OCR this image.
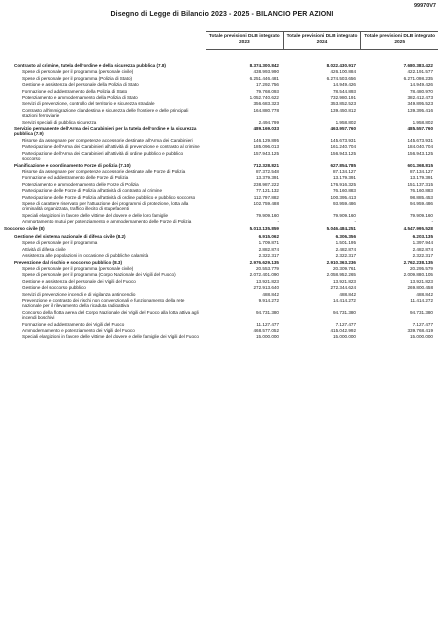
99970V7
Disegno di Legge di Bilancio 2023 - 2025 - BILANCIO PER AZIONI
Totale previsioni DLB integrato 2023
Totale previsioni DLB integrato 2024
Totale previsioni DLB integrato 2025
Contrasto al crimine, tutela dell'ordine e della sicurezza pubblica (7.8)	8.374.300.842	8.022.430.917	7.680.383.422
Spese di personale per il programma (personale civile)	438.993.990	426.100.884	422.191.577
Spese di personale per il programma (Polizia di Stato)	6.251.446.481	6.274.503.656	6.271.098.235
Gestione e assistenza del personale della Polizia di Stato	17.292.756	14.949.426	14.949.426
Formazione ed addestramento della Polizia di Stato	79.768.093	78.544.893	78.480.970
Potenziamento e ammodernamento della Polizia di Stato	1.052.740.622	732.980.191	382.412.473
Servizi di prevenzione, controllo del territorio e sicurezza stradale	356.683.323	353.852.523	349.895.523
Contrasto all'immigrazione clandestina e sicurezza delle frontiere e delle principali stazioni ferroviarie
164.880.778	139.450.812	139.395.416
Servizi speciali di pubblica sicurezza	2.494.799	1.958.802	1.958.802
Servizio permanente dell'Arma dei Carabinieri per la tutela dell'ordine e la sicurezza pubblica (7.9)
489.169.033	463.957.760	485.557.760
Risorse da assegnare per competenze accessorie destinate all'Arma dei Carabinieri	146.129.895	145.673.931	145.673.931
Partecipazione dell'Arma dei Carabinieri all'attività di prevenzione e contrasto al crimine	185.096.013	161.240.704	184.040.704
Partecipazione dell'Arma dei Carabinieri all'attività di ordine pubblico e pubblico soccorso
157.943.125	156.943.125	156.943.125
Pianificazione e coordinamento Forze di polizia (7.10)	712.328.821	627.854.785	601.368.815
Risorse da assegnare per competenze accessorie destinate alle Forze di Polizia	87.372.548	87.134.127	87.134.127
Formazione ed addestramento delle Forze di Polizia	13.379.391	13.179.391	13.179.391
Potenziamento e ammodernamento delle Forze di Polizia	238.987.222	176.916.325	151.137.315
Partecipazione delle Forze di Polizia all'attività di contrasto al crimine	77.121.132	76.160.883	76.160.883
Partecipazione delle Forze di Polizia all'attività di ordine pubblico e pubblico soccorso	112.797.882	100.395.413	98.885.453
Spese di carattere riservato per l'attuazione dei programmi di protezione, lotta alla criminalità organizzata, traffico illecito di stupefacenti
102.759.488	93.959.486	94.959.486
Speciali elargizioni in favore delle vittime del dovere e delle loro famiglie	79.909.160	79.909.160	79.909.160
Ammortamento mutui per potenziamento e ammodernamento delle Forze di Polizia	-	-	-
Soccorso civile (8)	5.013.135.859	5.046.484.251	4.547.995.528
Gestione del sistema nazionale di difesa civile (8.2)	6.915.062	6.306.356	6.203.135
Spese di personale per il programma	1.709.871	1.501.195	1.397.944
Attività di difesa civile	2.882.874	2.482.874	2.482.874
Assistenza alle popolazioni in occasione di pubbliche calamità	2.322.317	2.322.317	2.322.317
Prevenzione dal rischio e soccorso pubblico (8.3)	2.976.629.135	2.910.363.236	2.762.238.135
Spese di personale per il programma (personale civile)	20.553.779	20.309.761	20.295.579
Spese di personale per il programma (Corpo Nazionale dei Vigili del Fuoco)	2.072.401.090	2.058.952.265	2.009.880.105
Gestione e assistenza del personale dei Vigili del Fuoco	13.921.823	13.921.823	13.921.823
Gestione del soccorso pubblico	272.913.640	272.344.624	269.800.458
Servizi di prevenzione incendi e di vigilanza antincendio	488.842	488.842	488.842
Prevenzione e contrasto dei rischi non convenzionali e funzionamento della rete nazionale per il rilevamento della ricaduta radioattiva
9.914.272	14.414.272	11.414.272
Concorso della flotta aerea del Corpo Nazionale dei Vigili del Fuoco alla lotta attiva agli incendi boschivi
94.731.380	94.731.380	94.731.380
Formazione ed addestramento dei Vigili del Fuoco	11.127.477	7.127.477	7.127.477
Ammodernamento e potenziamento dei Vigili del Fuoco	468.577.052	415.042.992	339.768.419
Speciali elargizioni in favore delle vittime del dovere e delle famiglie dei Vigili del Fuoco	15.000.000	15.000.000	15.000.000
